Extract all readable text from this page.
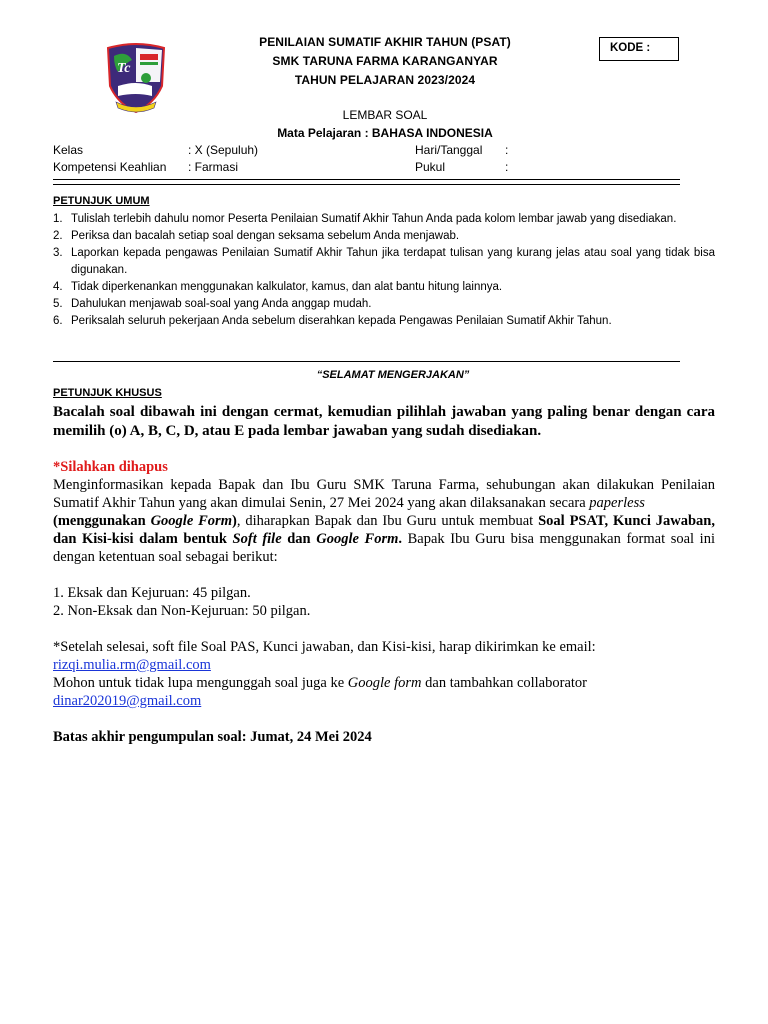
Tc
PENILAIAN SUMATIF AKHIR TAHUN (PSAT)
SMK TARUNA FARMA KARANGANYAR
TAHUN PELAJARAN 2023/2024
KODE :
LEMBAR SOAL
Mata Pelajaran : BAHASA INDONESIA
Kelas	: X (Sepuluh)	Hari/Tanggal :
Kompetensi Keahlian : Farmasi	Pukul	:
PETUNJUK UMUM
1. Tulislah terlebih dahulu nomor Peserta Penilaian Sumatif Akhir Tahun Anda pada kolom lembar jawab yang disediakan.
2. Periksa dan bacalah setiap soal dengan seksama sebelum Anda menjawab.
3. Laporkan kepada pengawas Penilaian Sumatif Akhir Tahun jika terdapat tulisan yang kurang jelas atau soal yang tidak bisa digunakan.
4. Tidak diperkenankan menggunakan kalkulator, kamus, dan alat bantu hitung lainnya.
5. Dahulukan menjawab soal-soal yang Anda anggap mudah.
6. Periksalah seluruh pekerjaan Anda sebelum diserahkan kepada Pengawas Penilaian Sumatif Akhir Tahun.
“SELAMAT MENGERJAKAN”
PETUNJUK KHUSUS
Bacalah soal dibawah ini dengan cermat, kemudian pilihlah jawaban yang paling benar dengan cara memilih (o) A, B, C, D, atau E pada lembar jawaban yang sudah disediakan.
*Silahkan dihapus
Menginformasikan kepada Bapak dan Ibu Guru SMK Taruna Farma, sehubungan akan dilakukan Penilaian Sumatif Akhir Tahun yang akan dimulai Senin, 27 Mei 2024 yang akan dilaksanakan secara paperless
(menggunakan Google Form), diharapkan Bapak dan Ibu Guru untuk membuat Soal PSAT, Kunci Jawaban, dan Kisi-kisi dalam bentuk Soft file dan Google Form. Bapak Ibu Guru bisa menggunakan format soal ini dengan ketentuan soal sebagai berikut:
1. Eksak dan Kejuruan: 45 pilgan.
2. Non-Eksak dan Non-Kejuruan: 50 pilgan.
*Setelah selesai, soft file Soal PAS, Kunci jawaban, dan Kisi-kisi, harap dikirimkan ke email:
rizqi.mulia.rm@gmail.com
Mohon untuk tidak lupa mengunggah soal juga ke Google form dan tambahkan collaborator
dinar202019@gmail.com
Batas akhir pengumpulan soal: Jumat, 24 Mei 2024
